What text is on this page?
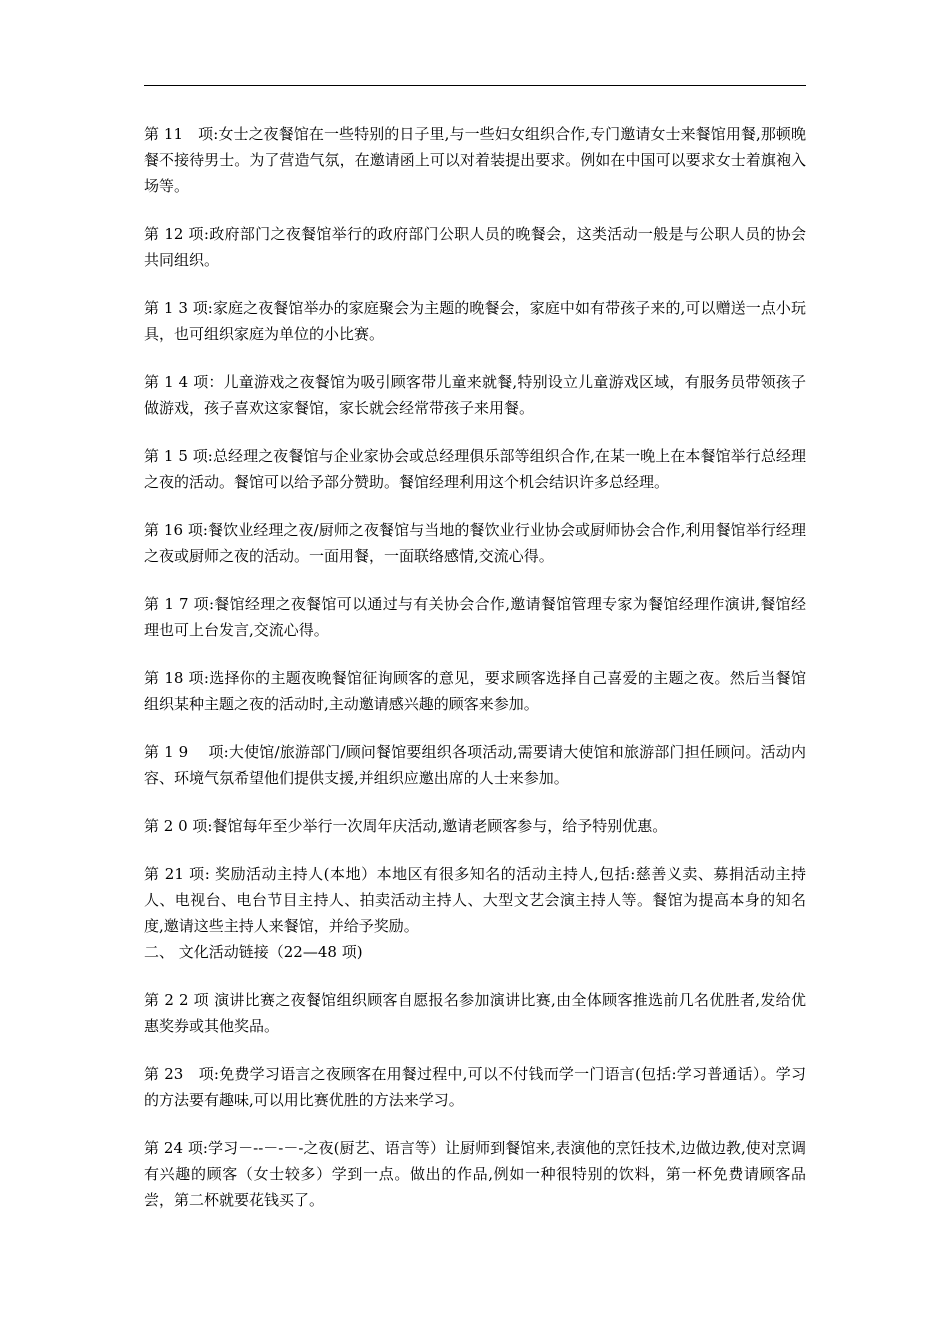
第 11　项:女士之夜餐馆在一些特别的日子里,与一些妇女组织合作,专门邀请女士来餐馆用餐,那顿晚餐不接待男士。为了营造气氛，在邀请函上可以对着装提出要求。例如在中国可以要求女士着旗袍入场等。

第 12 项:政府部门之夜餐馆举行的政府部门公职人员的晚餐会，这类活动一般是与公职人员的协会共同组织。

第 1 3 项:家庭之夜餐馆举办的家庭聚会为主题的晚餐会，家庭中如有带孩子来的,可以赠送一点小玩具，也可组织家庭为单位的小比赛。

第 1 4 项：儿童游戏之夜餐馆为吸引顾客带儿童来就餐,特别设立儿童游戏区域，有服务员带领孩子做游戏，孩子喜欢这家餐馆，家长就会经常带孩子来用餐。

第 1 5 项:总经理之夜餐馆与企业家协会或总经理俱乐部等组织合作,在某一晚上在本餐馆举行总经理之夜的活动。餐馆可以给予部分赞助。餐馆经理利用这个机会结识许多总经理。

第 16 项:餐饮业经理之夜/厨师之夜餐馆与当地的餐饮业行业协会或厨师协会合作,利用餐馆举行经理之夜或厨师之夜的活动。一面用餐，一面联络感情,交流心得。

第 1 7 项:餐馆经理之夜餐馆可以通过与有关协会合作,邀请餐馆管理专家为餐馆经理作演讲,餐馆经理也可上台发言,交流心得。

第 18 项:选择你的主题夜晚餐馆征询顾客的意见，要求顾客选择自己喜爱的主题之夜。然后当餐馆组织某种主题之夜的活动时,主动邀请感兴趣的顾客来参加。

第 1 9　 项:大使馆/旅游部门/顾问餐馆要组织各项活动,需要请大使馆和旅游部门担任顾问。活动内容、环境气氛希望他们提供支援,并组织应邀出席的人士来参加。

第 2 0 项:餐馆每年至少举行一次周年庆活动,邀请老顾客参与，给予特别优惠。

第 21 项: 奖励活动主持人(本地）本地区有很多知名的活动主持人,包括:慈善义卖、募捐活动主持人、电视台、电台节目主持人、拍卖活动主持人、大型文艺会演主持人等。餐馆为提高本身的知名度,邀请这些主持人来餐馆，并给予奖励。

二、 文化活动链接（22—48 项)

第 2 2 项 演讲比赛之夜餐馆组织顾客自愿报名参加演讲比赛,由全体顾客推选前几名优胜者,发给优惠奖券或其他奖品。

第 23　项:免费学习语言之夜顾客在用餐过程中,可以不付钱而学一门语言(包括:学习普通话）。学习的方法要有趣味,可以用比赛优胜的方法来学习。

第 24 项:学习－--－-－-之夜(厨艺、语言等）让厨师到餐馆来,表演他的烹饪技术,边做边教,使对烹调有兴趣的顾客（女士较多）学到一点。做出的作品,例如一种很特别的饮料，第一杯免费请顾客品尝，第二杯就要花钱买了。
